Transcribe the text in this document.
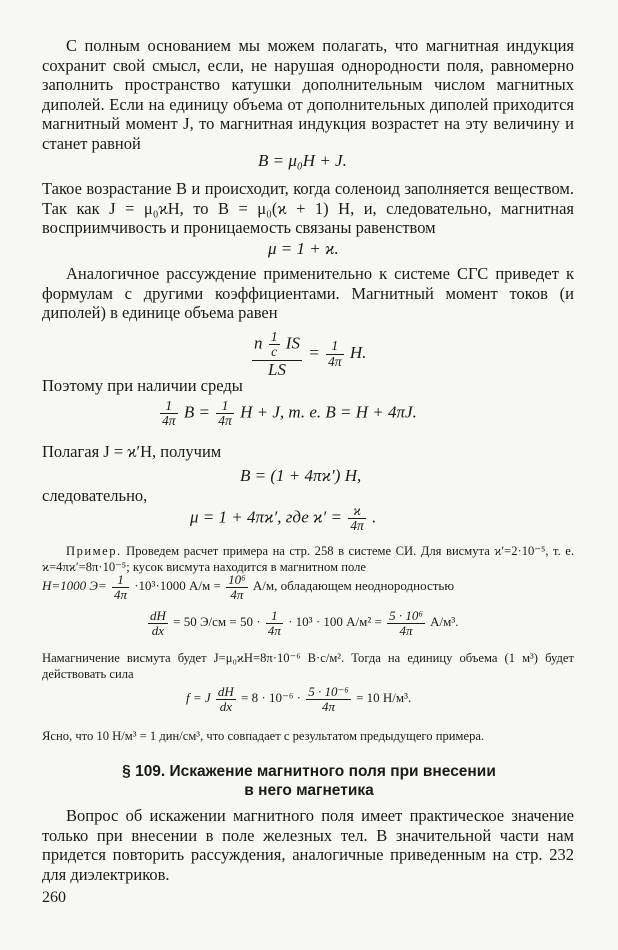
С полным основанием мы можем полагать, что магнитная индукция сохранит свой смысл, если, не нарушая однородности поля, равномерно заполнить пространство катушки дополнительным числом магнитных диполей. Если на единицу объема от дополнительных диполей приходится магнитный момент J, то магнитная индукция возрастет на эту величину и станет равной

B = μ₀H + J.

Такое возрастание B и происходит, когда соленоид заполняется веществом. Так как J = μ₀ϰH, то B = μ₀(ϰ + 1) H, и, следовательно, магнитная восприимчивость и проницаемость связаны равенством

μ = 1 + ϰ.

Аналогичное рассуждение применительно к системе СГС приведет к формулам с другими коэффициентами. Магнитный момент токов (и диполей) в единице объема равен

$\frac{n \frac{1}{c} IS}{LS} = \frac{1}{4\pi} H$.

Поэтому при наличии среды

$\frac{1}{4\pi}$ $B = \frac{1}{4\pi}$ H + J, т. е. B = H + 4πJ.

Полагая J = ϰ′H, получим

B = (1 + 4πϰ′) H,

следовательно,

μ = 1 + 4πϰ′, где $ϰ' = \frac{ϰ}{4\pi}$ .

Пример. Проведем расчет примера на стр. 258 в системе СИ. Для висмута ϰ′=2·10⁻⁵, т. е. ϰ=4πϰ′=8π·10⁻⁵; кусок висмута находится в магнитном поле

H=1000 $Э= \frac{1}{4\pi} \cdot 10^3\cdot 1000$ $А/м = \frac{\text{10⁶}}{4\pi} А/м$, обладающем неоднородностью
$\frac{dH}{dx} = 50$ $Э/см = 50 \cdot \frac{1}{4\pi} \cdot 10^3 \cdot 100$ $А/м^2 = \frac{\text{5 · 10⁶}}{4\pi} А/м^3$.

Намагничение висмута будет J=μ₀ϰH=8π·10⁻⁶ В·с/м². Тогда на единицу объема (1 м³) будет действовать сила

f = J $\frac{dH}{dx} = 8 \cdot 10^{-6} \cdot \frac{\text{5 · 10⁻⁶}}{4\pi} = 10$ Н/м³.

Ясно, что 10 Н/м³ = 1 дин/см³, что совпадает с результатом предыдущего примера.

§ 109. Искажение магнитного поля при внесении
в него магнетика

Вопрос об искажении магнитного поля имеет практическое значение только при внесении в поле железных тел. В значительной части нам придется повторить рассуждения, аналогичные приведенным на стр. 232 для диэлектриков.

260
